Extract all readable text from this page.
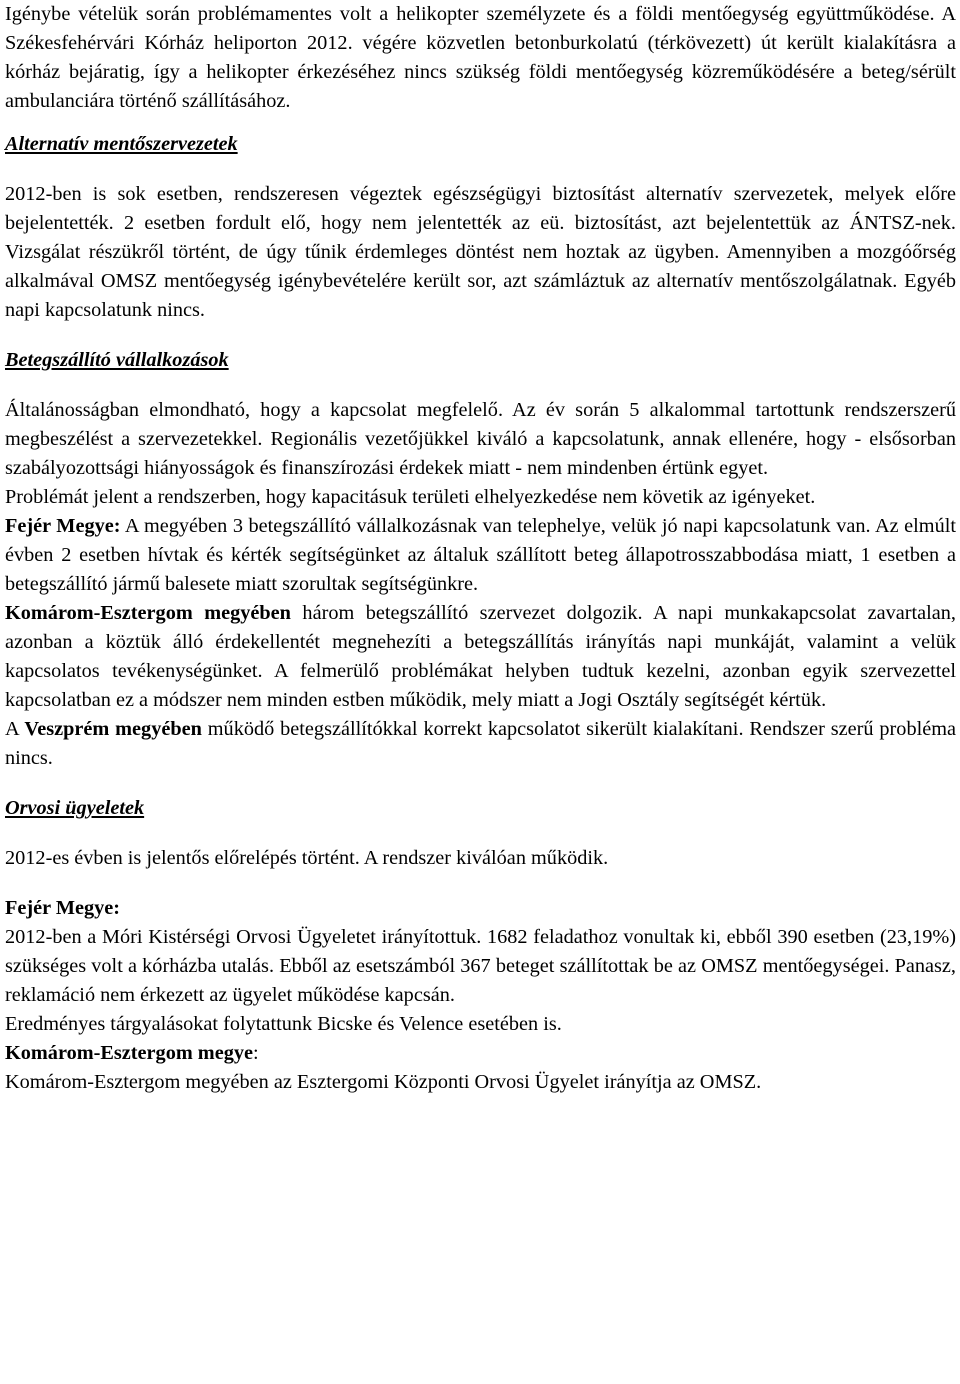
Igénybe vételük során problémamentes volt a helikopter személyzete és a földi mentőegység együttműködése. A Székesfehérvári Kórház heliporton 2012. végére közvetlen betonburkolatú (térkövezett) út került kialakításra a kórház bejáratig, így a helikopter érkezéséhez nincs szükség földi mentőegység közreműködésére a beteg/sérült ambulanciára történő szállításához.

Alternatív mentőszervezetek

2012-ben is sok esetben, rendszeresen végeztek egészségügyi biztosítást alternatív szervezetek, melyek előre bejelentették. 2 esetben fordult elő, hogy nem jelentették az eü. biztosítást, azt bejelentettük az ÁNTSZ-nek. Vizsgálat részükről történt, de úgy tűnik érdemleges döntést nem hoztak az ügyben. Amennyiben a mozgóőrség alkalmával OMSZ mentőegység igénybevételére került sor, azt számláztuk az alternatív mentőszolgálatnak. Egyéb napi kapcsolatunk nincs.

Betegszállító vállalkozások

Általánosságban elmondható, hogy a kapcsolat megfelelő. Az év során 5 alkalommal tartottunk rendszerszerű megbeszélést a szervezetekkel. Regionális vezetőjükkel kiváló a kapcsolatunk, annak ellenére, hogy - elsősorban szabályozottsági hiányosságok és finanszírozási érdekek miatt - nem mindenben értünk egyet.

Problémát jelent a rendszerben, hogy kapacitásuk területi elhelyezkedése nem követik az igényeket.

Fejér Megye: A megyében 3 betegszállító vállalkozásnak van telephelye, velük jó napi kapcsolatunk van. Az elmúlt évben 2 esetben hívtak és kérték segítségünket az általuk szállított beteg állapotrosszabbodása miatt, 1 esetben a betegszállító jármű balesete miatt szorultak segítségünkre.

Komárom-Esztergom megyében három betegszállító szervezet dolgozik. A napi munkakapcsolat zavartalan, azonban a köztük álló érdekellentét megnehezíti a betegszállítás irányítás napi munkáját, valamint a velük kapcsolatos tevékenységünket. A felmerülő problémákat helyben tudtuk kezelni, azonban egyik szervezettel kapcsolatban ez a módszer nem minden estben működik, mely miatt a Jogi Osztály segítségét kértük.

A Veszprém megyében működő betegszállítókkal korrekt kapcsolatot sikerült kialakítani. Rendszer szerű probléma nincs.

Orvosi ügyeletek

2012-es évben is jelentős előrelépés történt. A rendszer kiválóan működik.

Fejér Megye:

2012-ben a Móri Kistérségi Orvosi Ügyeletet irányítottuk. 1682 feladathoz vonultak ki, ebből 390 esetben (23,19%) szükséges volt a kórházba utalás. Ebből az esetszámból 367 beteget szállítottak be az OMSZ mentőegységei. Panasz, reklamáció nem érkezett az ügyelet működése kapcsán.

Eredményes tárgyalásokat folytattunk Bicske és Velence esetében is.

Komárom-Esztergom megye:

Komárom-Esztergom megyében az Esztergomi Központi Orvosi Ügyelet irányítja az OMSZ.
